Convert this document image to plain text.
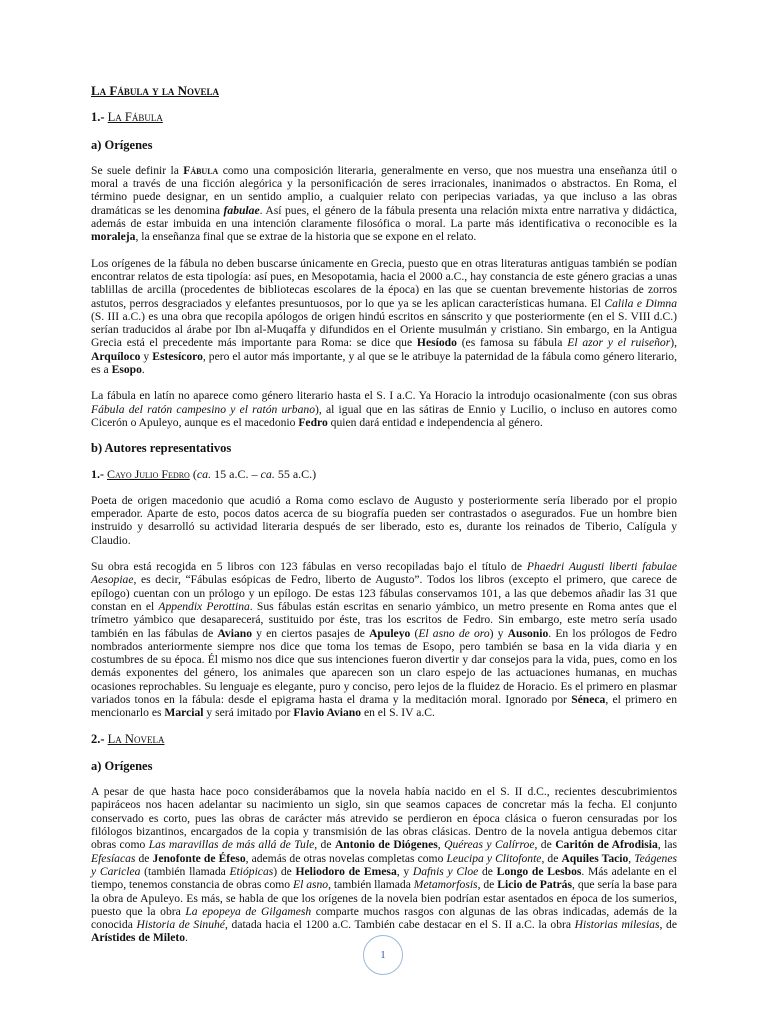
La Fábula y la Novela
1.- La Fábula
a) Orígenes

Se suele definir la Fábula como una composición literaria, generalmente en verso, que nos muestra una enseñanza útil o moral a través de una ficción alegórica y la personificación de seres irracionales, inanimados o abstractos. En Roma, el término puede designar, en un sentido amplio, a cualquier relato con peripecias variadas, ya que incluso a las obras dramáticas se les denomina fabulae. Así pues, el género de la fábula presenta una relación mixta entre narrativa y didáctica, además de estar imbuida en una intención claramente filosófica o moral. La parte más identificativa o reconocible es la moraleja, la enseñanza final que se extrae de la historia que se expone en el relato.

Los orígenes de la fábula no deben buscarse únicamente en Grecia, puesto que en otras literaturas antiguas también se podían encontrar relatos de esta tipología: así pues, en Mesopotamia, hacia el 2000 a.C., hay constancia de este género gracias a unas tablillas de arcilla (procedentes de bibliotecas escolares de la época) en las que se cuentan brevemente historias de zorros astutos, perros desgraciados y elefantes presuntuosos, por lo que ya se les aplican características humana. El Calila e Dimna (S. III a.C.) es una obra que recopila apólogos de origen hindú escritos en sánscrito y que posteriormente (en el S. VIII d.C.) serían traducidos al árabe por Ibn al-Muqaffa y difundidos en el Oriente musulmán y cristiano. Sin embargo, en la Antigua Grecia está el precedente más importante para Roma: se dice que Hesíodo (es famosa su fábula El azor y el ruiseñor), Arquíloco y Estesícoro, pero el autor más importante, y al que se le atribuye la paternidad de la fábula como género literario, es a Esopo.

La fábula en latín no aparece como género literario hasta el S. I a.C. Ya Horacio la introdujo ocasionalmente (con sus obras Fábula del ratón campesino y el ratón urbano), al igual que en las sátiras de Ennio y Lucilio, o incluso en autores como Cicerón o Apuleyo, aunque es el macedonio Fedro quien dará entidad e independencia al género.

b) Autores representativos
1.- Cayo Julio Fedro (ca. 15 a.C. – ca. 55 a.C.)

Poeta de origen macedonio que acudió a Roma como esclavo de Augusto y posteriormente sería liberado por el propio emperador. Aparte de esto, pocos datos acerca de su biografía pueden ser contrastados o asegurados. Fue un hombre bien instruido y desarrolló su actividad literaria después de ser liberado, esto es, durante los reinados de Tiberio, Calígula y Claudio.

Su obra está recogida en 5 libros con 123 fábulas en verso recopiladas bajo el título de Phaedri Augusti liberti fabulae Aesopiae, es decir, “Fábulas esópicas de Fedro, liberto de Augusto”. Todos los libros (excepto el primero, que carece de epílogo) cuentan con un prólogo y un epílogo. De estas 123 fábulas conservamos 101, a las que debemos añadir las 31 que constan en el Appendix Perottina. Sus fábulas están escritas en senario yámbico, un metro presente en Roma antes que el trímetro yámbico que desaparecerá, sustituido por éste, tras los escritos de Fedro. Sin embargo, este metro sería usado también en las fábulas de Aviano y en ciertos pasajes de Apuleyo (El asno de oro) y Ausonio. En los prólogos de Fedro nombrados anteriormente siempre nos dice que toma los temas de Esopo, pero también se basa en la vida diaria y en costumbres de su época. Él mismo nos dice que sus intenciones fueron divertir y dar consejos para la vida, pues, como en los demás exponentes del género, los animales que aparecen son un claro espejo de las actuaciones humanas, en muchas ocasiones reprochables. Su lenguaje es elegante, puro y conciso, pero lejos de la fluidez de Horacio. Es el primero en plasmar variados tonos en la fábula: desde el epigrama hasta el drama y la meditación moral. Ignorado por Séneca, el primero en mencionarlo es Marcial y será imitado por Flavio Aviano en el S. IV a.C.

2.- La Novela
a) Orígenes

A pesar de que hasta hace poco considerábamos que la novela había nacido en el S. II d.C., recientes descubrimientos papiráceos nos hacen adelantar su nacimiento un siglo, sin que seamos capaces de concretar más la fecha. El conjunto conservado es corto, pues las obras de carácter más atrevido se perdieron en época clásica o fueron censuradas por los filólogos bizantinos, encargados de la copia y transmisión de las obras clásicas. Dentro de la novela antigua debemos citar obras como Las maravillas de más allá de Tule, de Antonio de Diógenes, Quéreas y Calírroe, de Caritón de Afrodisia, las Efesíacas de Jenofonte de Éfeso, además de otras novelas completas como Leucipa y Clitofonte, de Aquiles Tacio, Teágenes y Cariclea (también llamada Etiópicas) de Heliodoro de Emesa, y Dafnis y Cloe de Longo de Lesbos. Más adelante en el tiempo, tenemos constancia de obras como El asno, también llamada Metamorfosis, de Licio de Patrás, que sería la base para la obra de Apuleyo. Es más, se habla de que los orígenes de la novela bien podrían estar asentados en época de los sumerios, puesto que la obra La epopeya de Gilgamesh comparte muchos rasgos con algunas de las obras indicadas, además de la conocida Historia de Sinuhé, datada hacia el 1200 a.C. También cabe destacar en el S. II a.C. la obra Historias milesias, de Arístides de Mileto.

1
